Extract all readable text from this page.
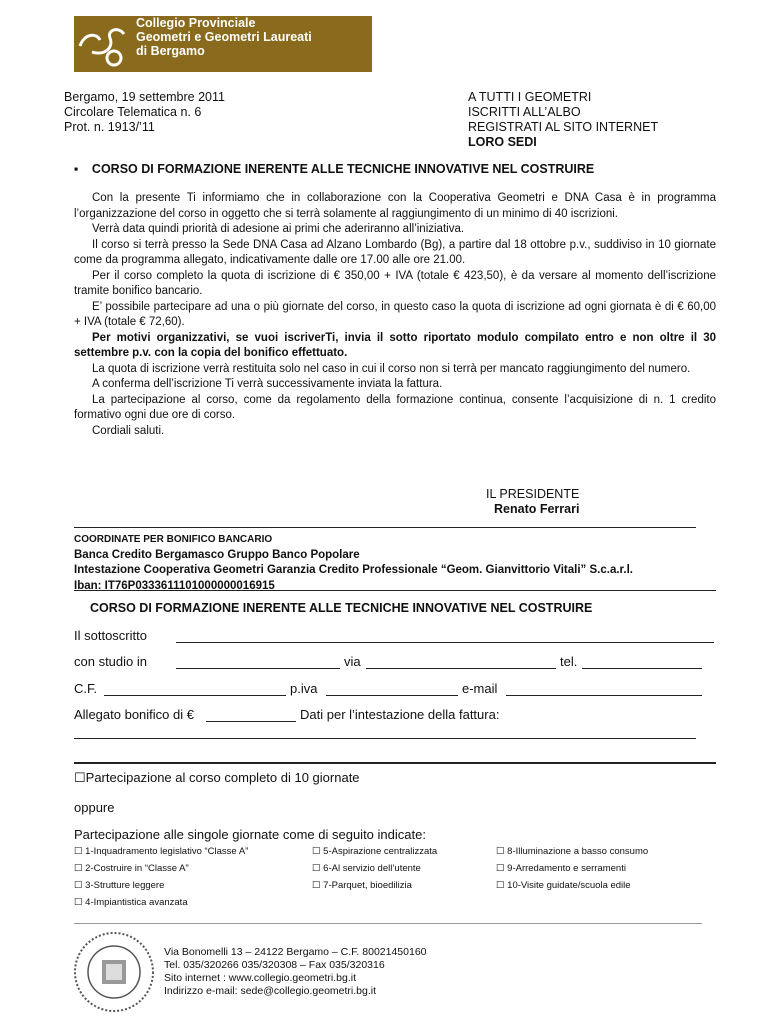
Collegio Provinciale
Geometri e Geometri Laureati
di Bergamo
Bergamo, 19 settembre 2011
Circolare Telematica n. 6
Prot. n. 1913/’11
A TUTTI I GEOMETRI
ISCRITTI ALL’ALBO
REGISTRATI AL SITO INTERNET
LORO SEDI
▪ CORSO DI FORMAZIONE INERENTE ALLE TECNICHE INNOVATIVE NEL COSTRUIRE
Con la presente Ti informiamo che in collaborazione con la Cooperativa Geometri e DNA Casa è in programma l’organizzazione del corso in oggetto che si terrà solamente al raggiungimento di un minimo di 40 iscrizioni.
Verrà data quindi priorità di adesione ai primi che aderiranno all’iniziativa.
Il corso si terrà presso la Sede DNA Casa ad Alzano Lombardo (Bg), a partire dal 18 ottobre p.v., suddiviso in 10 giornate come da programma allegato, indicativamente dalle ore 17.00 alle ore 21.00.
Per il corso completo la quota di iscrizione di € 350,00 + IVA (totale € 423,50), è da versare al momento dell’iscrizione tramite bonifico bancario.
E’ possibile partecipare ad una o più giornate del corso, in questo caso la quota di iscrizione ad ogni giornata è di € 60,00 + IVA (totale € 72,60).
Per motivi organizzativi, se vuoi iscriverTi, invia il sotto riportato modulo compilato entro e non oltre il 30 settembre p.v. con la copia del bonifico effettuato.
La quota di iscrizione verrà restituita solo nel caso in cui il corso non si terrà per mancato raggiungimento del numero.
A conferma dell’iscrizione Ti verrà successivamente inviata la fattura.
La partecipazione al corso, come da regolamento della formazione continua, consente l’acquisizione di n. 1 credito formativo ogni due ore di corso.
Cordiali saluti.
IL PRESIDENTE
Renato Ferrari
COORDINATE PER BONIFICO BANCARIO
Banca Credito Bergamasco Gruppo Banco Popolare
Intestazione Cooperativa Geometri Garanzia Credito Professionale “Geom. Gianvittorio Vitali” S.c.a.r.l.
Iban: IT76P0333611101000000016915
CORSO DI FORMAZIONE INERENTE ALLE TECNICHE INNOVATIVE NEL COSTRUIRE
Il sottoscritto
con studio in	via	tel.
C.F.	p.iva	e-mail
Allegato bonifico di €	Dati per l’intestazione della fattura:
☐Partecipazione al corso completo di 10 giornate
oppure
Partecipazione alle singole giornate come di seguito indicate:
☐ 1-Inquadramento legislativo “Classe A”
☐ 2-Costruire in “Classe A”
☐ 3-Strutture leggere
☐ 4-Impiantistica avanzata
☐ 5-Aspirazione centralizzata
☐ 6-Al servizio dell’utente
☐ 7-Parquet, bioedilizia
☐ 8-Illuminazione a basso consumo
☐ 9-Arredamento e serramenti
☐ 10-Visite guidate/scuola edile
Via Bonomelli 13 – 24122 Bergamo – C.F. 80021450160
Tel. 035/320266 035/320308 – Fax 035/320316
Sito internet : www.collegio.geometri.bg.it
Indirizzo e-mail: sede@collegio.geometri.bg.it
